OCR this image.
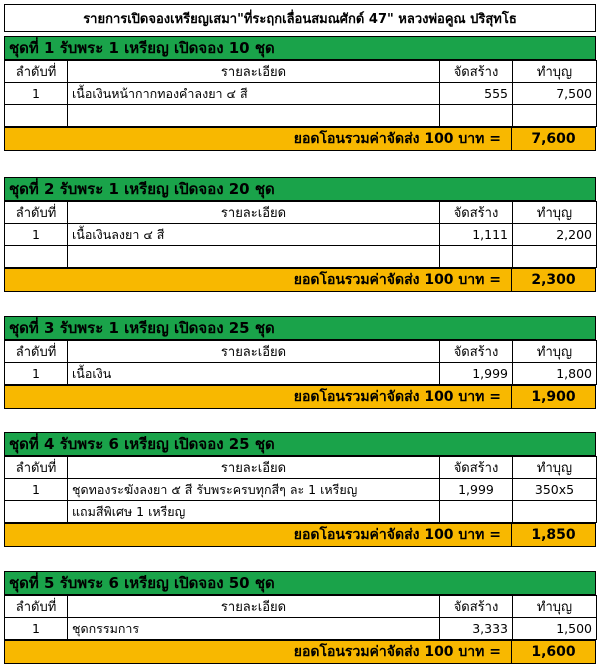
รายการเปิดจองเหรียญเสมา"ที่ระฤกเลื่อนสมณศักด์ 47" หลวงพ่อคูณ ปริสุทโธ
ชุดที่ 1 รับพระ 1 เหรียญ เปิดจอง 10 ชุด
ลำดับที่	รายละเอียด	จัดสร้าง	ทำบุญ
1	เนื้อเงินหน้ากากทองคำลงยา ๔ สี	555	7,500

ยอดโอนรวมค่าจัดส่ง 100 บาท =	7,600
ชุดที่ 2 รับพระ 1 เหรียญ เปิดจอง 20 ชุด
ลำดับที่	รายละเอียด	จัดสร้าง	ทำบุญ
1	เนื้อเงินลงยา ๔ สี	1,111	2,200

ยอดโอนรวมค่าจัดส่ง 100 บาท =	2,300
ชุดที่ 3 รับพระ 1 เหรียญ เปิดจอง 25 ชุด
ลำดับที่	รายละเอียด	จัดสร้าง	ทำบุญ
1	เนื้อเงิน	1,999	1,800
ยอดโอนรวมค่าจัดส่ง 100 บาท =	1,900
ชุดที่ 4 รับพระ 6 เหรียญ เปิดจอง 25 ชุด
ลำดับที่	รายละเอียด	จัดสร้าง	ทำบุญ
1	ชุดทองระฆังลงยา ๕ สี รับพระครบทุกสีๆ ละ 1 เหรียญ	1,999	350x5
	แถมสีพิเศษ 1 เหรียญ		
ยอดโอนรวมค่าจัดส่ง 100 บาท =	1,850
ชุดที่ 5 รับพระ 6 เหรียญ เปิดจอง 50 ชุด
ลำดับที่	รายละเอียด	จัดสร้าง	ทำบุญ
1	ชุดกรรมการ	3,333	1,500
ยอดโอนรวมค่าจัดส่ง 100 บาท =	1,600
